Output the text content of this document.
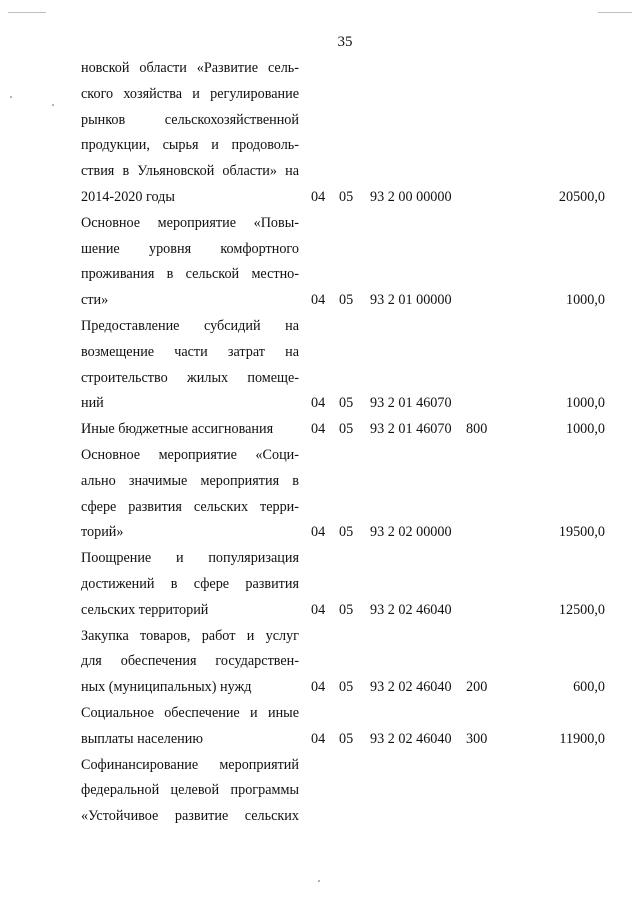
35
новской области «Развитие сель-
ского хозяйства и регулирование
рынков сельскохозяйственной
продукции, сырья и продоволь-
ствия в Ульяновской области» на
2014-2020 годы	04 05 93 2 00 00000	20500,0
Основное мероприятие «Повы-
шение уровня комфортного
проживания в сельской местно-
сти»	04 05 93 2 01 00000	1000,0
Предоставление субсидий на
возмещение части затрат на
строительство жилых помеще-
ний	04 05 93 2 01 46070	1000,0
Иные бюджетные ассигнования	04 05 93 2 01 46070 800	1000,0
Основное мероприятие «Соци-
ально значимые мероприятия в
сфере развития сельских терри-
торий»	04 05 93 2 02 00000	19500,0
Поощрение и популяризация
достижений в сфере развития
сельских территорий	04 05 93 2 02 46040	12500,0
Закупка товаров, работ и услуг
для обеспечения государствен-
ных (муниципальных) нужд	04 05 93 2 02 46040 200	600,0
Социальное обеспечение и иные
выплаты населению	04 05 93 2 02 46040 300	11900,0
Софинансирование мероприятий
федеральной целевой программы
«Устойчивое развитие сельских
